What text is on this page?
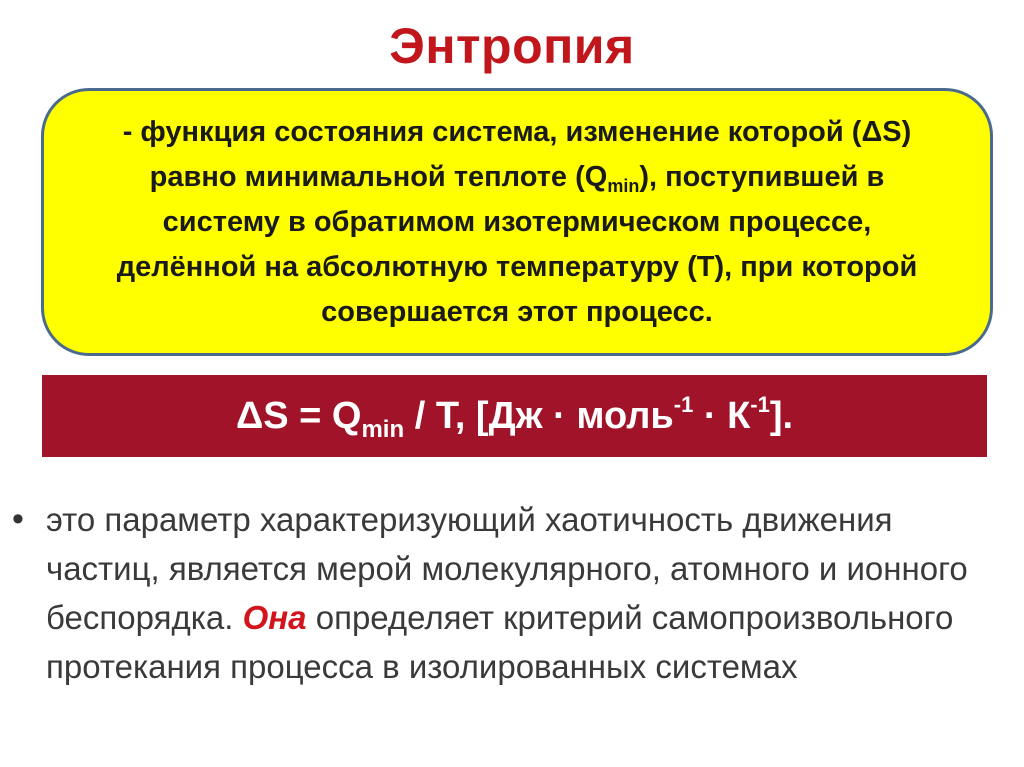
Энтропия
- функция состояния система, изменение которой (ΔS)
равно минимальной теплоте $(Q_{min})$, поступившей в
систему в обратимом изотермическом процессе,
делённой на абсолютную температуру (T), при которой
совершается этот процесс.
$\Delta S = Q_{min} / T$, [Дж · моль$^{-1}$ · $К^{-1}$].
• это параметр характеризующий хаотичность движения частиц, является мерой молекулярного, атомного и ионного беспорядка. Она определяет критерий самопроизвольного протекания процесса в изолированных системах
